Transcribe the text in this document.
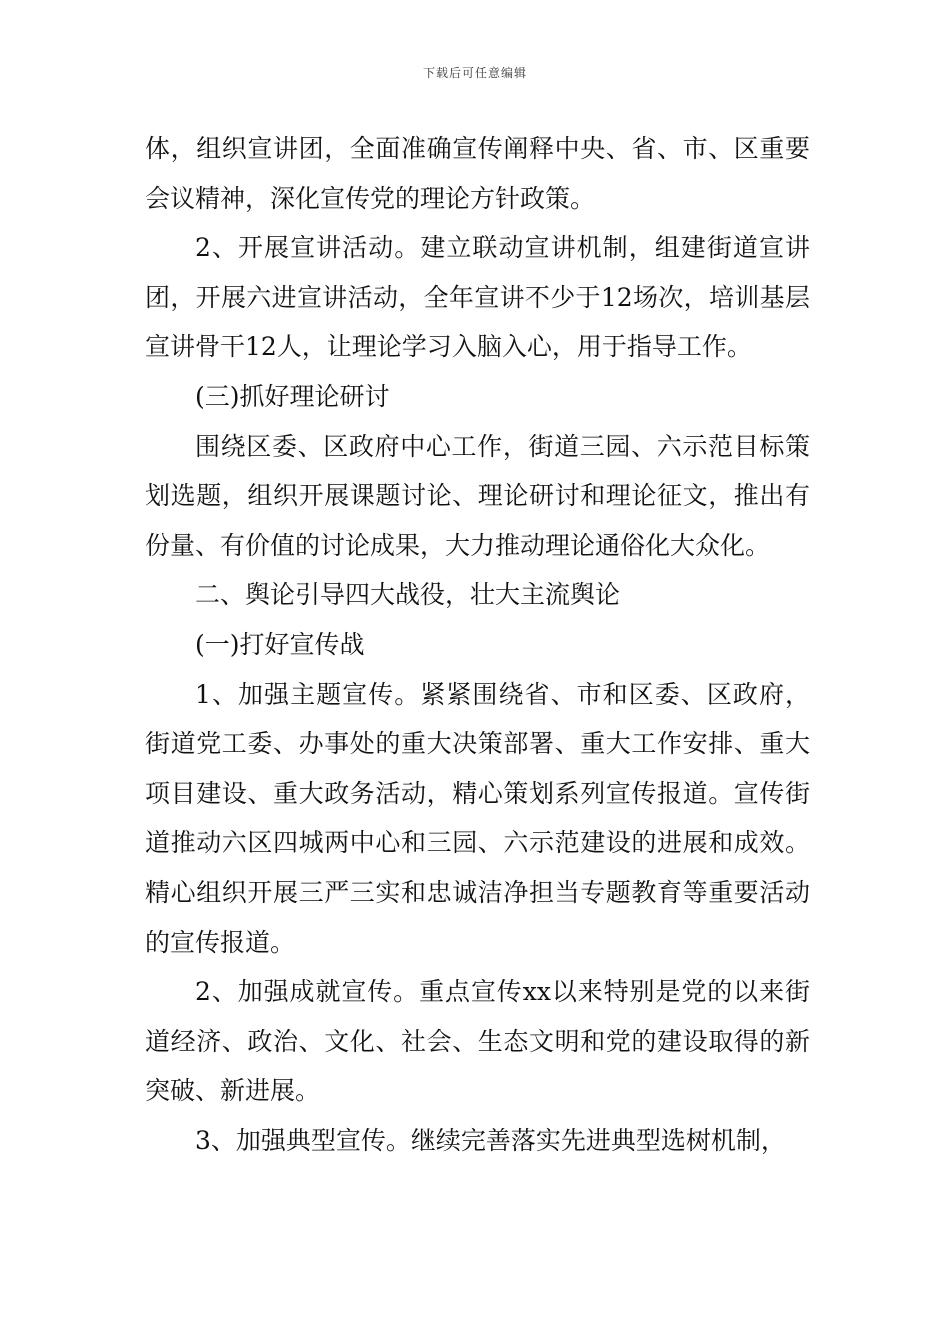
下载后可任意编辑

体，组织宣讲团，全面准确宣传阐释中央、省、市、区重要会议精神，深化宣传党的理论方针政策。

2、开展宣讲活动。建立联动宣讲机制，组建街道宣讲团，开展六进宣讲活动，全年宣讲不少于12场次，培训基层宣讲骨干12人，让理论学习入脑入心，用于指导工作。

(三)抓好理论研讨

围绕区委、区政府中心工作，街道三园、六示范目标策划选题，组织开展课题讨论、理论研讨和理论征文，推出有份量、有价值的讨论成果，大力推动理论通俗化大众化。

二、舆论引导四大战役，壮大主流舆论

(一)打好宣传战

1、加强主题宣传。紧紧围绕省、市和区委、区政府，街道党工委、办事处的重大决策部署、重大工作安排、重大项目建设、重大政务活动，精心策划系列宣传报道。宣传街道推动六区四城两中心和三园、六示范建设的进展和成效。精心组织开展三严三实和忠诚洁净担当专题教育等重要活动的宣传报道。

2、加强成就宣传。重点宣传xx以来特别是党的以来街道经济、政治、文化、社会、生态文明和党的建设取得的新突破、新进展。

3、加强典型宣传。继续完善落实先进典型选树机制，
